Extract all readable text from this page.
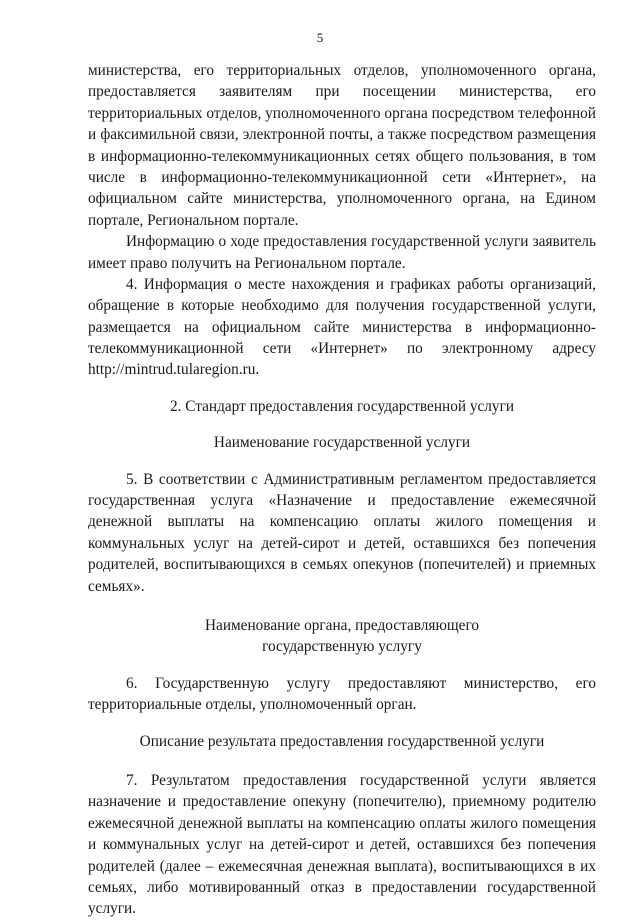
5
министерства, его территориальных отделов, уполномоченного органа,
предоставляется заявителям при посещении министерства, его
территориальных отделов, уполномоченного органа посредством телефонной
и факсимильной связи, электронной почты, а также посредством размещения
в информационно-телекоммуникационных сетях общего пользования, в том
числе в информационно-телекоммуникационной сети «Интернет», на
официальном сайте министерства, уполномоченного органа, на Едином
портале, Региональном портале.
Информацию о ходе предоставления государственной услуги заявитель
имеет право получить на Региональном портале.
4. Информация о месте нахождения и графиках работы организаций,
обращение в которые необходимо для получения государственной услуги,
размещается на официальном сайте министерства в информационно-
телекоммуникационной сети «Интернет» по электронному адресу
http://mintrud.tularegion.ru.
2. Стандарт предоставления государственной услуги
Наименование государственной услуги
5. В соответствии с Административным регламентом предоставляется
государственная услуга «Назначение и предоставление ежемесячной
денежной выплаты на компенсацию оплаты жилого помещения и
коммунальных услуг на детей-сирот и детей, оставшихся без попечения
родителей, воспитывающихся в семьях опекунов (попечителей) и приемных
семьях».
Наименование органа, предоставляющего
государственную услугу
6. Государственную услугу предоставляют министерство, его
территориальные отделы, уполномоченный орган.
Описание результата предоставления государственной услуги
7. Результатом предоставления государственной услуги является
назначение и предоставление опекуну (попечителю), приемному родителю
ежемесячной денежной выплаты на компенсацию оплаты жилого помещения
и коммунальных услуг на детей-сирот и детей, оставшихся без попечения
родителей (далее – ежемесячная денежная выплата), воспитывающихся в их
семьях, либо мотивированный отказ в предоставлении государственной
услуги.
